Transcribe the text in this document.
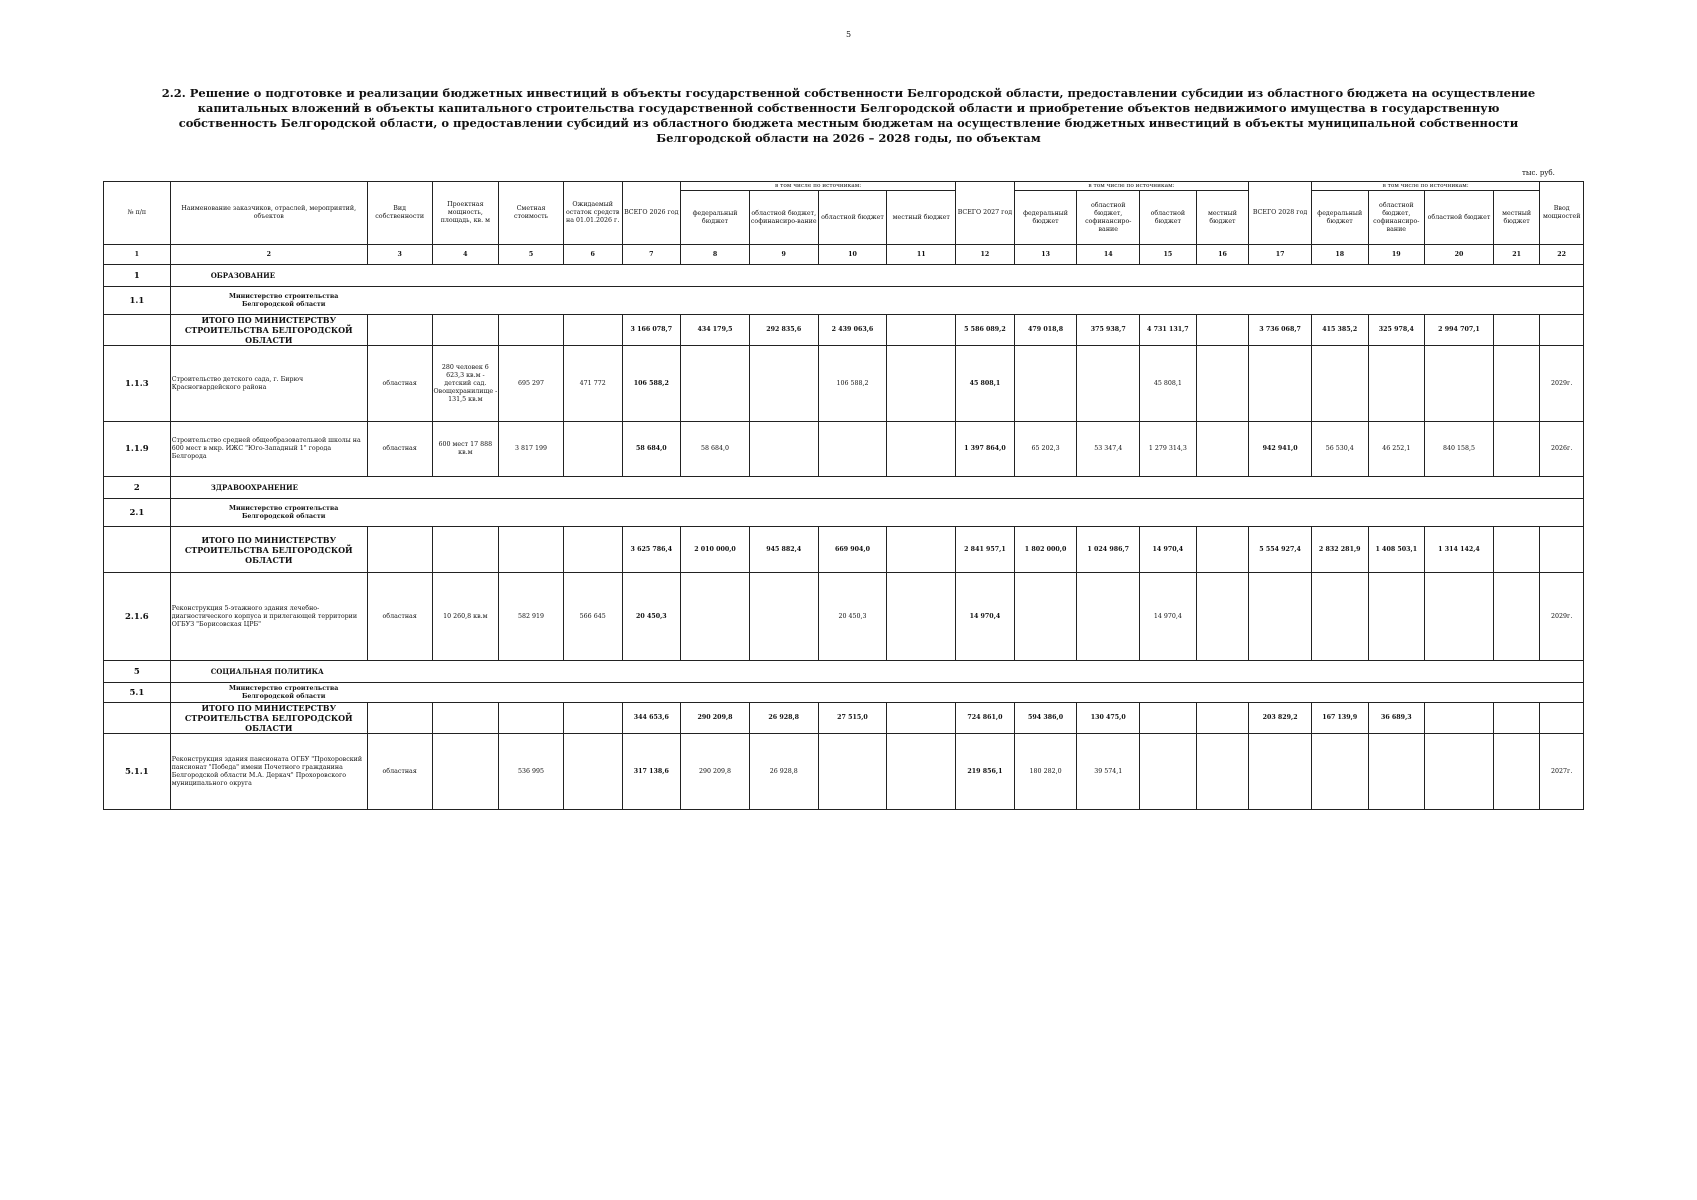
5
2.2. Решение о подготовке и реализации бюджетных инвестиций в объекты государственной собственности Белгородской области, предоставлении субсидии из областного бюджета на осуществление капитальных вложений в объекты капитального строительства государственной собственности Белгородской области и приобретение объектов недвижимого имущества в государственную собственность Белгородской области, о предоставлении субсидий из областного бюджета местным бюджетам на осуществление бюджетных инвестиций в объекты муниципальной собственности Белгородской области на 2026 – 2028 годы, по объектам
тыс. руб.
№ п/п	Наименование заказчиков, отраслей, мероприятий, объектов	Вид собственности	Проектная мощность, площадь, кв. м	Сметная стоимость	Ожидаемый остаток средств на 01.01.2026 г.	ВСЕГО 2026 год	в том числе по источникам:				ВСЕГО 2027 год	в том числе по источникам:				ВСЕГО 2028 год	в том числе по источникам:				Ввод мощностей
							федеральный бюджет	областной бюджет, софинансиро-вание	областной бюджет	местный бюджет		федеральный бюджет	областной бюджет, софинансиро-вание	областной бюджет	местный бюджет		федеральный бюджет	областной бюджет, софинансиро-вание	областной бюджет	местный бюджет	
1	2	3	4	5	6	7	8	9	10	11	12	13	14	15	16	17	18	19	20	21	22
1	ОБРАЗОВАНИЕ																				
1.1	Министерство строительства Белгородской области																				

	ИТОГО ПО МИНИСТЕРСТВУ СТРОИТЕЛЬСТВА БЕЛГОРОДСКОЙ ОБЛАСТИ					3 166 078,7	434 179,5	292 835,6	2 439 063,6		5 586 089,2	479 018,8	375 938,7	4 731 131,7		3 736 068,7	415 385,2	325 978,4	2 994 707,1		
1.1.3	Строительство детского сада, г. Бирюч Красногвардейского района	областная	280 человек 6 623,3 кв.м - детский сад. Овощехранилище - 131,5 кв.м	695 297	471 772	106 588,2			106 588,2		45 808,1			45 808,1							2029г.
1.1.9	Строительство средней общеобразовательной школы на 600 мест в мкр. ИЖС "Юго-Западный 1" города Белгорода	областная	600 мест 17 888 кв.м	3 817 199		58 684,0	58 684,0				1 397 864,0	65 202,3	53 347,4	1 279 314,3		942 941,0	56 530,4	46 252,1	840 158,5		2026г.
2	ЗДРАВООХРАНЕНИЕ																				
2.1	Министерство строительства Белгородской области																				

	ИТОГО ПО МИНИСТЕРСТВУ СТРОИТЕЛЬСТВА БЕЛГОРОДСКОЙ ОБЛАСТИ					3 625 786,4	2 010 000,0	945 882,4	669 904,0		2 841 957,1	1 802 000,0	1 024 986,7	14 970,4		5 554 927,4	2 832 281,9	1 408 503,1	1 314 142,4		
2.1.6	Реконструкция 5-этажного здания лечебно-диагностического корпуса и прилегающей территории ОГБУЗ "Борисовская ЦРБ"	областная	10 260,8 кв.м	582 919	566 645	20 450,3			20 450,3		14 970,4			14 970,4							2029г.
5	СОЦИАЛЬНАЯ ПОЛИТИКА																				
5.1	Министерство строительства Белгородской области																				

	ИТОГО ПО МИНИСТЕРСТВУ СТРОИТЕЛЬСТВА БЕЛГОРОДСКОЙ ОБЛАСТИ					344 653,6	290 209,8	26 928,8	27 515,0		724 861,0	594 386,0	130 475,0			203 829,2	167 139,9	36 689,3			
5.1.1	Реконструкция здания пансионата ОГБУ "Прохоровский пансионат "Победа" имени Почетного гражданина Белгородской области М.А. Деркач" Прохоровского муниципального округа	областная		536 995		317 138,6	290 209,8	26 928,8			219 856,1	180 282,0	39 574,1								2027г.
